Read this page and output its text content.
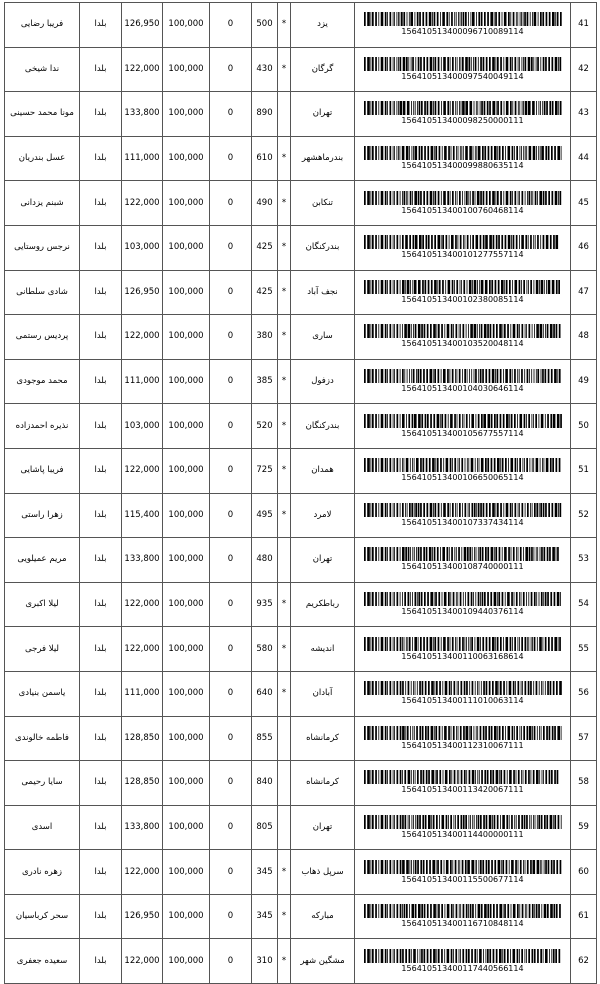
41	156410513400096710089114	یزد	*	500	0	100,000	126,950	بلدا	فریبا رضایی
42	156410513400097540049114	گرگان	*	430	0	100,000	122,000	بلدا	ندا شیخی
43	156410513400098250000111	تهران		890	0	100,000	133,800	بلدا	مونا محمد حسینی
44	156410513400099880635114	بندرماهشهر	*	610	0	100,000	111,000	بلدا	عسل بندریان
45	156410513400100760468114	تنکابن	*	490	0	100,000	122,000	بلدا	شبنم یزدانی
46	156410513400101277557114	بندرکنگان	*	425	0	100,000	103,000	بلدا	نرجس روستایی
47	156410513400102380085114	نجف آباد	*	425	0	100,000	126,950	بلدا	شادی سلطانی
48	156410513400103520048114	ساری	*	380	0	100,000	122,000	بلدا	پردیس رستمی
49	156410513400104030646114	دزفول	*	385	0	100,000	111,000	بلدا	محمد موجودی
50	156410513400105677557114	بندرکنگان	*	520	0	100,000	103,000	بلدا	نذیره احمدزاده
51	156410513400106650065114	همدان	*	725	0	100,000	122,000	بلدا	فریبا پاشایی
52	156410513400107337434114	لامرد	*	495	0	100,000	115,400	بلدا	زهرا راستی
53	156410513400108740000111	تهران		480	0	100,000	133,800	بلدا	مریم عمیلویی
54	156410513400109440376114	رباطکریم	*	935	0	100,000	122,000	بلدا	لیلا اکبری
55	156410513400110063168614	اندیشه	*	580	0	100,000	122,000	بلدا	لیلا فرجی
56	156410513400111010063114	آبادان	*	640	0	100,000	111,000	بلدا	یاسمن بنیادی
57	156410513400112310067111	کرمانشاه		855	0	100,000	128,850	بلدا	فاطمه خالوندی
58	156410513400113420067111	کرمانشاه		840	0	100,000	128,850	بلدا	سایا رحیمی
59	156410513400114400000111	تهران		805	0	100,000	133,800	بلدا	اسدی
60	156410513400115500677114	سرپل ذهاب	*	345	0	100,000	122,000	بلدا	زهره نادری
61	156410513400116710848114	مبارکه	*	345	0	100,000	126,950	بلدا	سحر کرباسیان
62	156410513400117440566114	مشگین شهر	*	310	0	100,000	122,000	بلدا	سعیده جعفری
